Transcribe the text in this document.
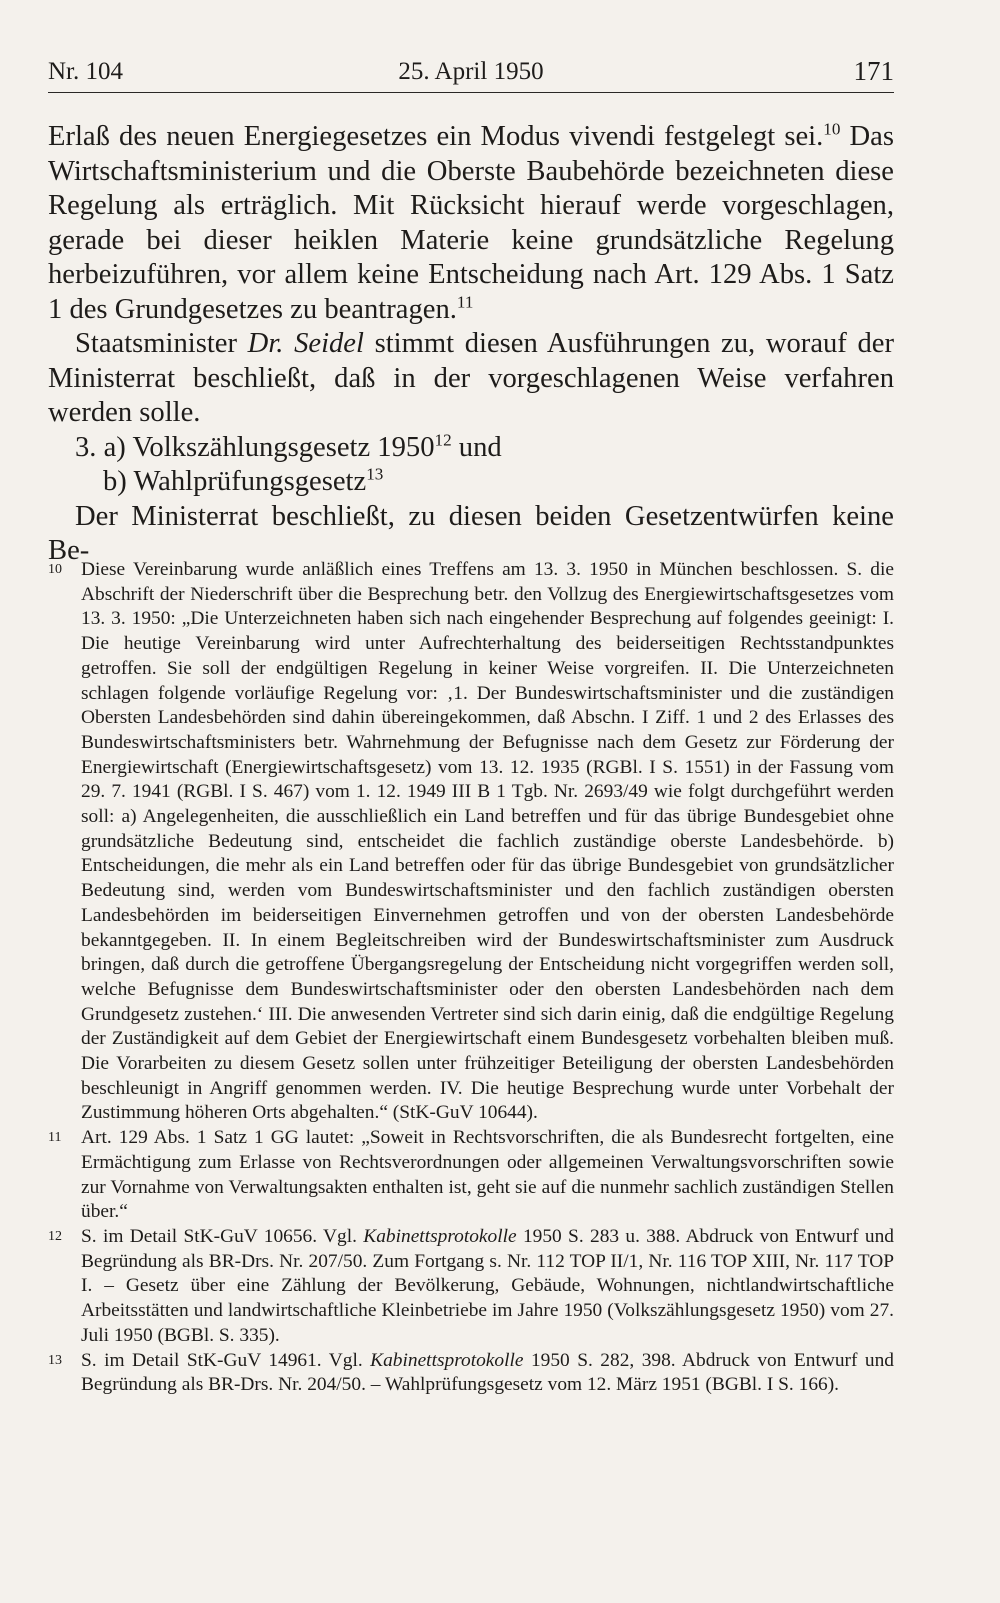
Nr. 104	25. April 1950	171

Erlaß des neuen Energiegesetzes ein Modus vivendi festgelegt sei.$^{10}$ Das Wirtschaftsministerium und die Oberste Baubehörde bezeichneten diese Regelung als erträglich. Mit Rücksicht hierauf werde vorgeschlagen, gerade bei dieser heiklen Materie keine grundsätzliche Regelung herbeizuführen, vor allem keine Entscheidung nach Art. 129 Abs. 1 Satz 1 des Grundgesetzes zu beantragen.$^{11}$

Staatsminister Dr. Seidel stimmt diesen Ausführungen zu, worauf der Ministerrat beschließt, daß in der vorgeschlagenen Weise verfahren werden solle.

3. a) Volkszählungsgesetz 1950$^{12}$ und

b) Wahlprüfungsgesetz$^{13}$

Der Ministerrat beschließt, zu diesen beiden Gesetzentwürfen keine Be-

10 Diese Vereinbarung wurde anläßlich eines Treffens am 13. 3. 1950 in München beschlossen. S. die Abschrift der Niederschrift über die Besprechung betr. den Vollzug des Energiewirtschaftsgesetzes vom 13. 3. 1950: „Die Unterzeichneten haben sich nach eingehender Besprechung auf folgendes geeinigt: I. Die heutige Vereinbarung wird unter Aufrechterhaltung des beiderseitigen Rechtsstandpunktes getroffen. Sie soll der endgültigen Regelung in keiner Weise vorgreifen. II. Die Unterzeichneten schlagen folgende vorläufige Regelung vor: ‚1. Der Bundeswirtschaftsminister und die zuständigen Obersten Landesbehörden sind dahin übereingekommen, daß Abschn. I Ziff. 1 und 2 des Erlasses des Bundeswirtschaftsministers betr. Wahrnehmung der Befugnisse nach dem Gesetz zur Förderung der Energiewirtschaft (Energiewirtschaftsgesetz) vom 13. 12. 1935 (RGBl. I S. 1551) in der Fassung vom 29. 7. 1941 (RGBl. I S. 467) vom 1. 12. 1949 III B 1 Tgb. Nr. 2693/49 wie folgt durchgeführt werden soll: a) Angelegenheiten, die ausschließlich ein Land betreffen und für das übrige Bundesgebiet ohne grundsätzliche Bedeutung sind, entscheidet die fachlich zuständige oberste Landesbehörde. b) Entscheidungen, die mehr als ein Land betreffen oder für das übrige Bundesgebiet von grundsätzlicher Bedeutung sind, werden vom Bundeswirtschaftsminister und den fachlich zuständigen obersten Landesbehörden im beiderseitigen Einvernehmen getroffen und von der obersten Landesbehörde bekanntgegeben. II. In einem Begleitschreiben wird der Bundeswirtschaftsminister zum Ausdruck bringen, daß durch die getroffene Übergangsregelung der Entscheidung nicht vorgegriffen werden soll, welche Befugnisse dem Bundeswirtschaftsminister oder den obersten Landesbehörden nach dem Grundgesetz zustehen.‘ III. Die anwesenden Vertreter sind sich darin einig, daß die endgültige Regelung der Zuständigkeit auf dem Gebiet der Energiewirtschaft einem Bundesgesetz vorbehalten bleiben muß. Die Vorarbeiten zu diesem Gesetz sollen unter frühzeitiger Beteiligung der obersten Landesbehörden beschleunigt in Angriff genommen werden. IV. Die heutige Besprechung wurde unter Vorbehalt der Zustimmung höheren Orts abgehalten.“ (StK-GuV 10644).

11 Art. 129 Abs. 1 Satz 1 GG lautet: „Soweit in Rechtsvorschriften, die als Bundesrecht fortgelten, eine Ermächtigung zum Erlasse von Rechtsverordnungen oder allgemeinen Verwaltungsvorschriften sowie zur Vornahme von Verwaltungsakten enthalten ist, geht sie auf die nunmehr sachlich zuständigen Stellen über.“

12 S. im Detail StK-GuV 10656. Vgl. Kabinettsprotokolle 1950 S. 283 u. 388. Abdruck von Entwurf und Begründung als BR-Drs. Nr. 207/50. Zum Fortgang s. Nr. 112 TOP II/1, Nr. 116 TOP XIII, Nr. 117 TOP I. – Gesetz über eine Zählung der Bevölkerung, Gebäude, Wohnungen, nichtlandwirtschaftliche Arbeitsstätten und landwirtschaftliche Kleinbetriebe im Jahre 1950 (Volkszählungsgesetz 1950) vom 27. Juli 1950 (BGBl. S. 335).

13 S. im Detail StK-GuV 14961. Vgl. Kabinettsprotokolle 1950 S. 282, 398. Abdruck von Entwurf und Begründung als BR-Drs. Nr. 204/50. – Wahlprüfungsgesetz vom 12. März 1951 (BGBl. I S. 166).
